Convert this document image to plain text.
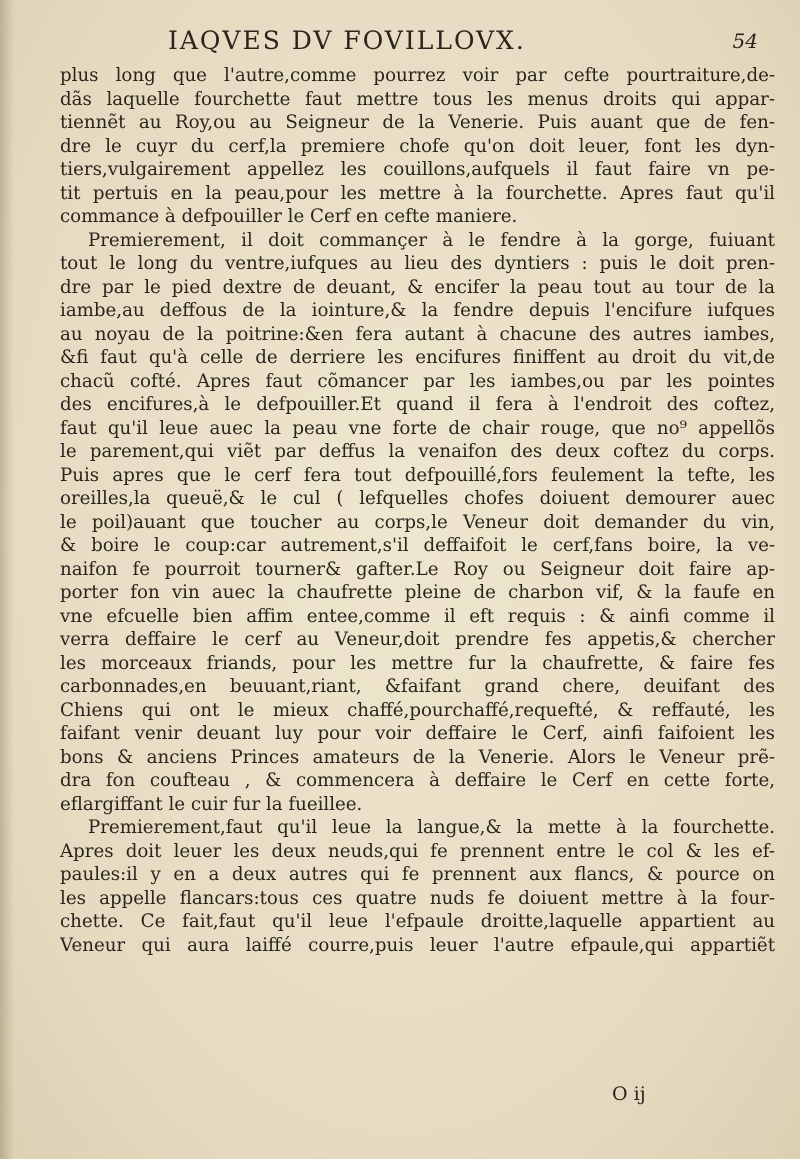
IAQVES DV FOVILLOVX.	54
plus long que l'autre,comme pourrez voir par cefte pourtraiture,de-
dãs laquelle fourchette faut mettre tous les menus droits qui appar-
tiennẽt au Roy,ou au Seigneur de la Venerie. Puis auant que de fen-
dre le cuyr du cerf,la premiere chofe qu'on doit leuer, font les dyn-
tiers,vulgairement appellez les couillons,aufquels il faut faire vn pe-
tit pertuis en la peau,pour les mettre à la fourchette. Apres faut qu'il
commance à defpouiller le Cerf en cefte maniere.
Premierement, il doit commançer à le fendre à la gorge, fuiuant
tout le long du ventre,iufques au lieu des dyntiers : puis le doit pren-
dre par le pied dextre de deuant, & encifer la peau tout au tour de la
iambe,au deffous de la iointure,& la fendre depuis l'encifure iufques
au noyau de la poitrine:&en fera autant à chacune des autres iambes,
&fi faut qu'à celle de derriere les encifures finiffent au droit du vit,de
chacũ cofté. Apres faut cõmancer par les iambes,ou par les pointes
des encifures,à le defpouiller.Et quand il fera à l'endroit des coftez,
faut qu'il leue auec la peau vne forte de chair rouge, que no⁹ appellõs
le parement,qui viẽt par deffus la venaifon des deux coftez du corps.
Puis apres que le cerf fera tout defpouillé,fors feulement la tefte, les
oreilles,la queuë,& le cul ( lefquelles chofes doiuent demourer auec
le poil)auant que toucher au corps,le Veneur doit demander du vin,
& boire le coup:car autrement,s'il deffaifoit le cerf,fans boire, la ve-
naifon fe pourroit tourner& gafter.Le Roy ou Seigneur doit faire ap-
porter fon vin auec la chaufrette pleine de charbon vif, & la faufe en
vne efcuelle bien affim entee,comme il eft requis : & ainfi comme il
verra deffaire le cerf au Veneur,doit prendre fes appetis,& chercher
les morceaux friands, pour les mettre fur la chaufrette, & faire fes
carbonnades,en beuuant,riant, &faifant grand chere, deuifant des
Chiens qui ont le mieux chaffé,pourchaffé,requefté, & reffauté, les
faifant venir deuant luy pour voir deffaire le Cerf, ainfi faifoient les
bons & anciens Princes amateurs de la Venerie. Alors le Veneur prẽ-
dra fon coufteau , & commencera à deffaire le Cerf en cette forte,
eflargiffant le cuir fur la fueillee.
Premierement,faut qu'il leue la langue,& la mette à la fourchette.
Apres doit leuer les deux neuds,qui fe prennent entre le col & les ef-
paules:il y en a deux autres qui fe prennent aux flancs, & pource on
les appelle flancars:tous ces quatre nuds fe doiuent mettre à la four-
chette. Ce fait,faut qu'il leue l'efpaule droitte,laquelle appartient au
Veneur qui aura laiffé courre,puis leuer l'autre efpaule,qui appartiẽt
O ij
